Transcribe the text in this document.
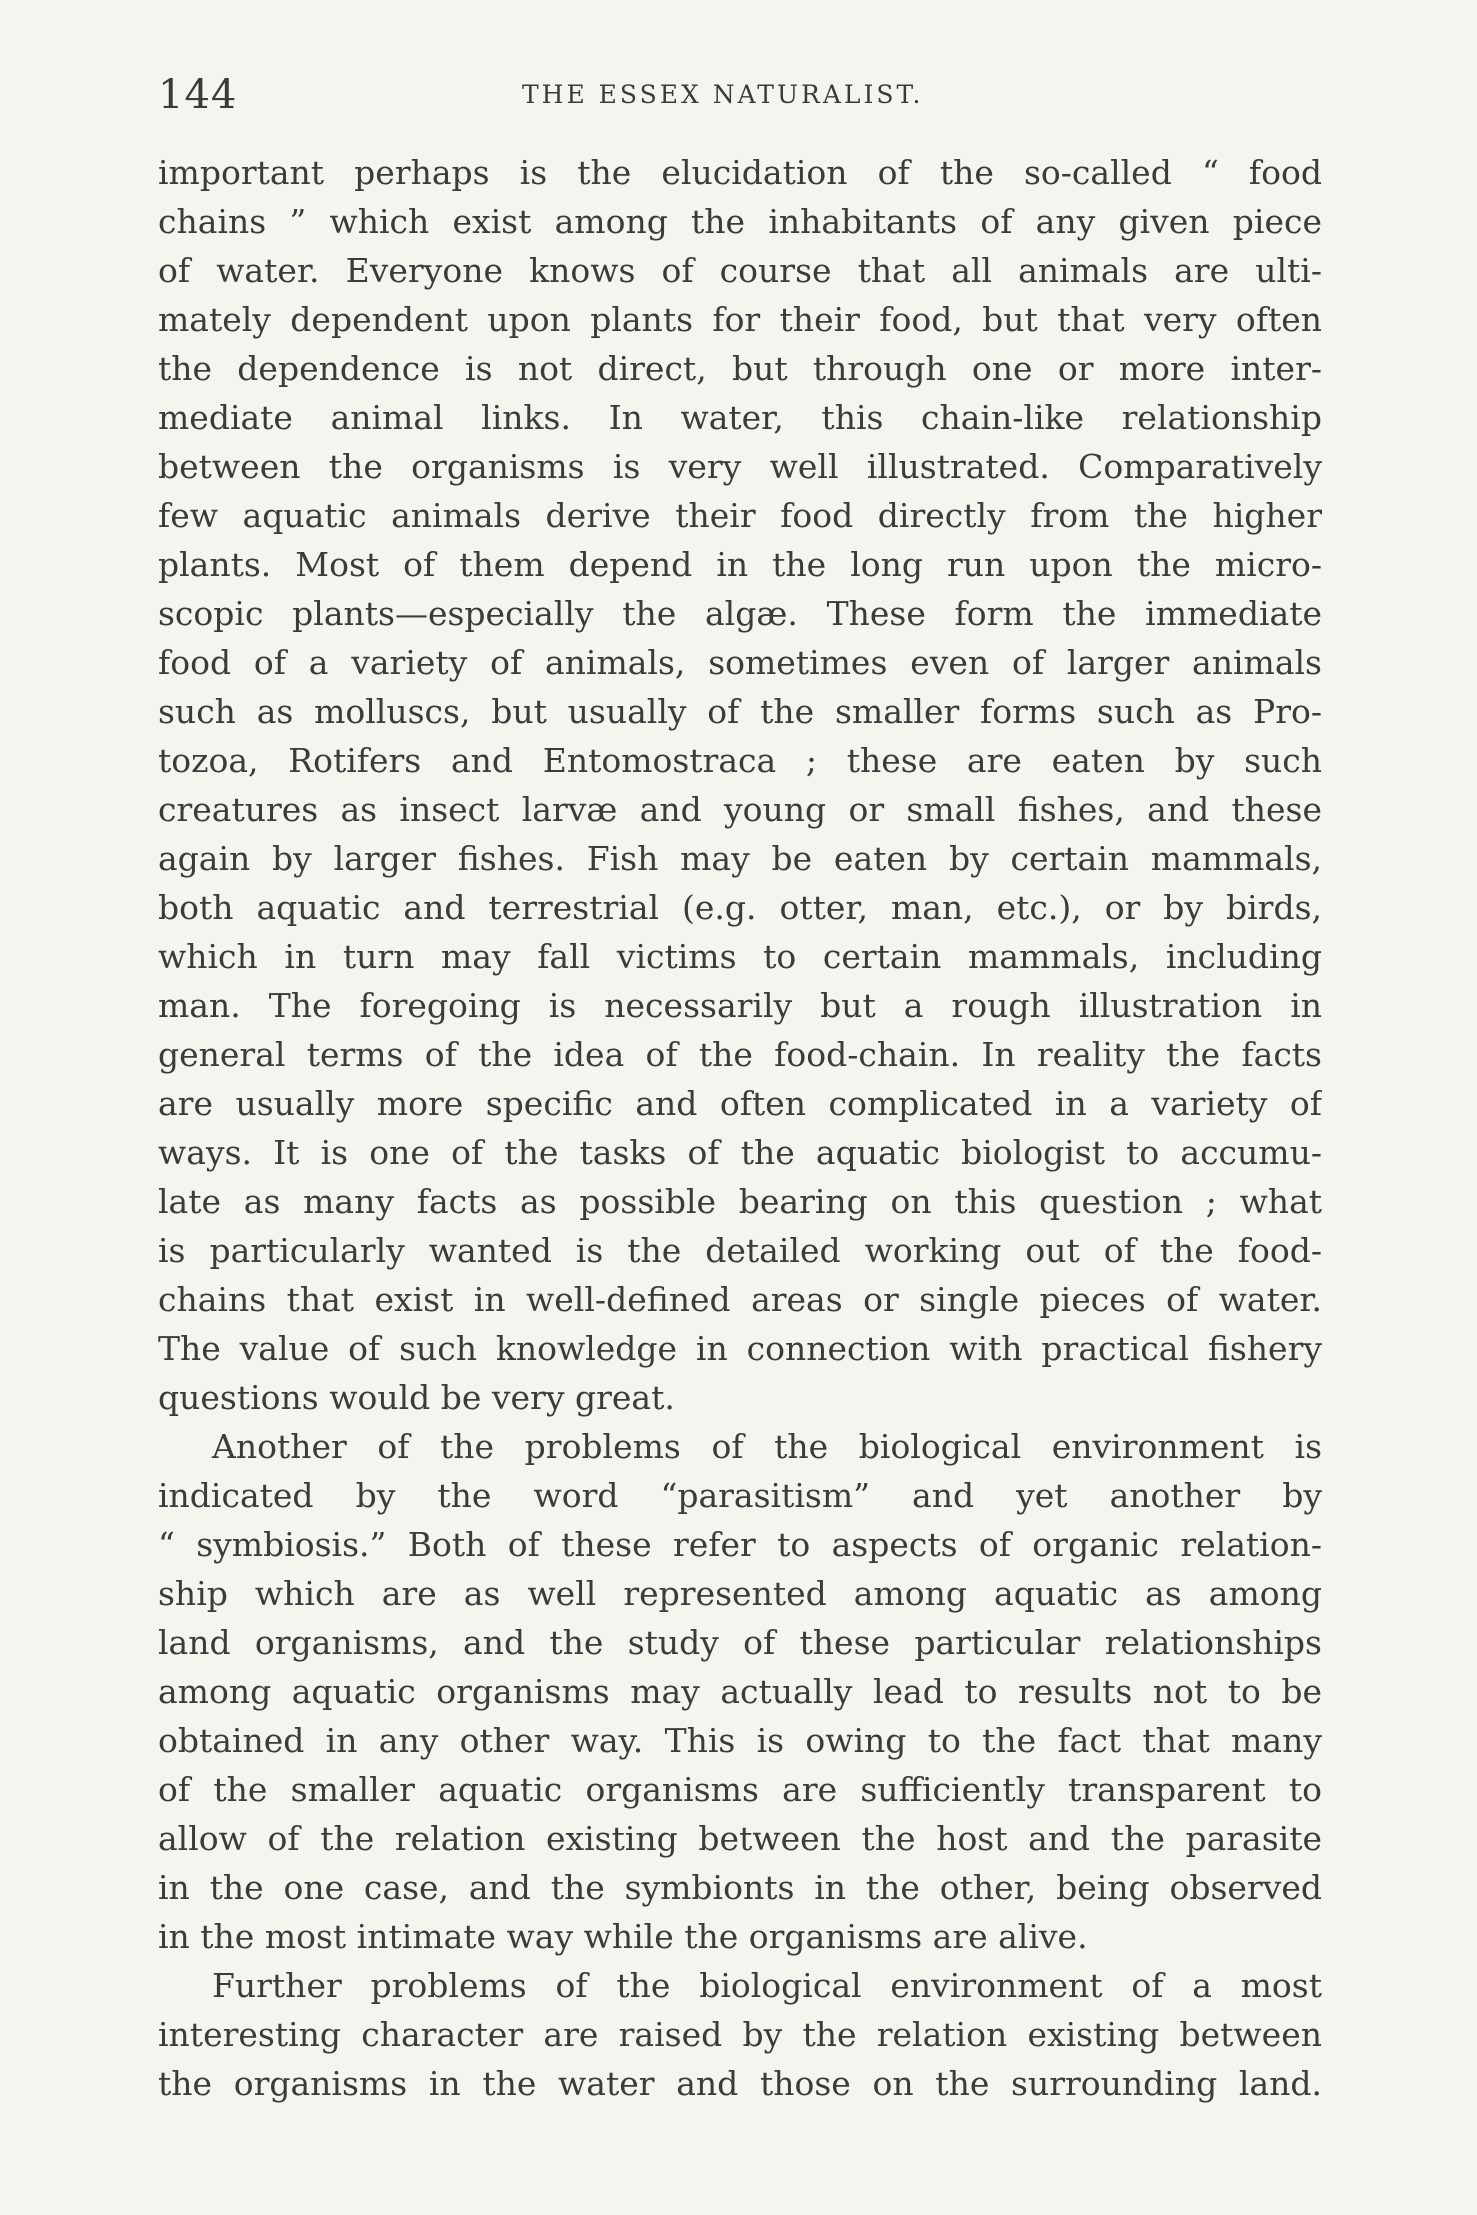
144	THE ESSEX NATURALIST.
important perhaps is the elucidation of the so-called “ food
chains ” which exist among the inhabitants of any given piece
of water. Everyone knows of course that all animals are ulti-
mately dependent upon plants for their food, but that very often
the dependence is not direct, but through one or more inter-
mediate animal links. In water, this chain-like relationship
between the organisms is very well illustrated. Comparatively
few aquatic animals derive their food directly from the higher
plants. Most of them depend in the long run upon the micro-
scopic plants—especially the algæ. These form the immediate
food of a variety of animals, sometimes even of larger animals
such as molluscs, but usually of the smaller forms such as Pro-
tozoa, Rotifers and Entomostraca ; these are eaten by such
creatures as insect larvæ and young or small fishes, and these
again by larger fishes. Fish may be eaten by certain mammals,
both aquatic and terrestrial (e.g. otter, man, etc.), or by birds,
which in turn may fall victims to certain mammals, including
man. The foregoing is necessarily but a rough illustration in
general terms of the idea of the food-chain. In reality the facts
are usually more specific and often complicated in a variety of
ways. It is one of the tasks of the aquatic biologist to accumu-
late as many facts as possible bearing on this question ; what
is particularly wanted is the detailed working out of the food-
chains that exist in well-defined areas or single pieces of water.
The value of such knowledge in connection with practical fishery
questions would be very great.
Another of the problems of the biological environment is
indicated by the word “parasitism” and yet another by
“ symbiosis.” Both of these refer to aspects of organic relation-
ship which are as well represented among aquatic as among
land organisms, and the study of these particular relationships
among aquatic organisms may actually lead to results not to be
obtained in any other way. This is owing to the fact that many
of the smaller aquatic organisms are sufficiently transparent to
allow of the relation existing between the host and the parasite
in the one case, and the symbionts in the other, being observed
in the most intimate way while the organisms are alive.
Further problems of the biological environment of a most
interesting character are raised by the relation existing between
the organisms in the water and those on the surrounding land.
